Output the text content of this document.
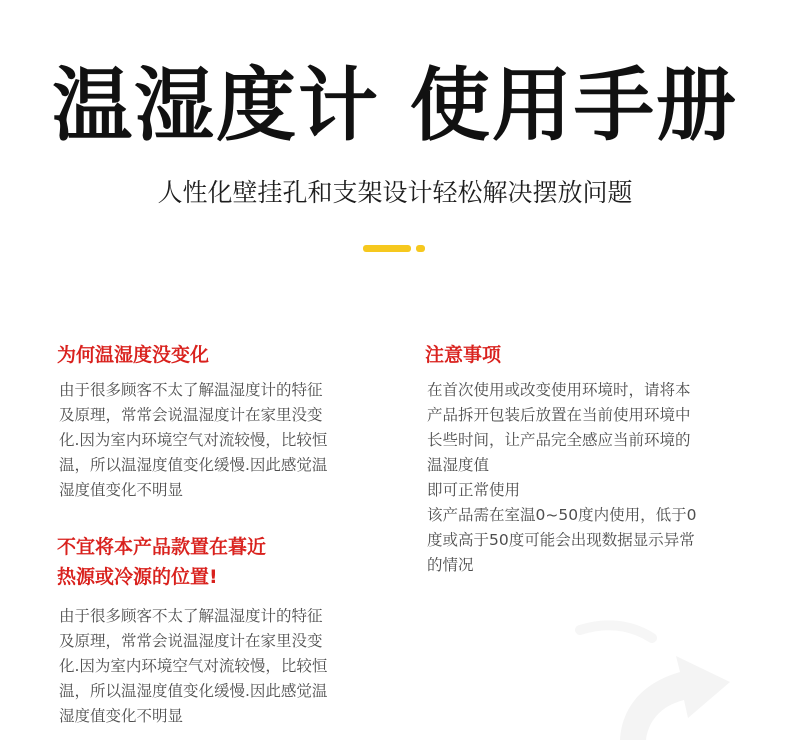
温湿度计 使用手册
人性化壁挂孔和支架设计轻松解决摆放问题
为何温湿度没变化
由于很多顾客不太了解温湿度计的特征
及原理，常常会说温湿度计在家里没变
化.因为室内环境空气对流较慢，比较恒
温，所以温湿度值变化缓慢.因此感觉温
湿度值变化不明显
不宜将本产品款置在暮近
热源或冷源的位置!
由于很多顾客不太了解温湿度计的特征
及原理，常常会说温湿度计在家里没变
化.因为室内环境空气对流较慢，比较恒
温，所以温湿度值变化缓慢.因此感觉温
湿度值变化不明显
注意事项
在首次使用或改变使用环境时，请将本
产品拆开包装后放置在当前使用环境中
长些时间，让产品完全感应当前环境的
温湿度值
即可正常使用
该产品需在室温0~50度内使用，低于0
度或高于50度可能会出现数据显示异常
的情况
